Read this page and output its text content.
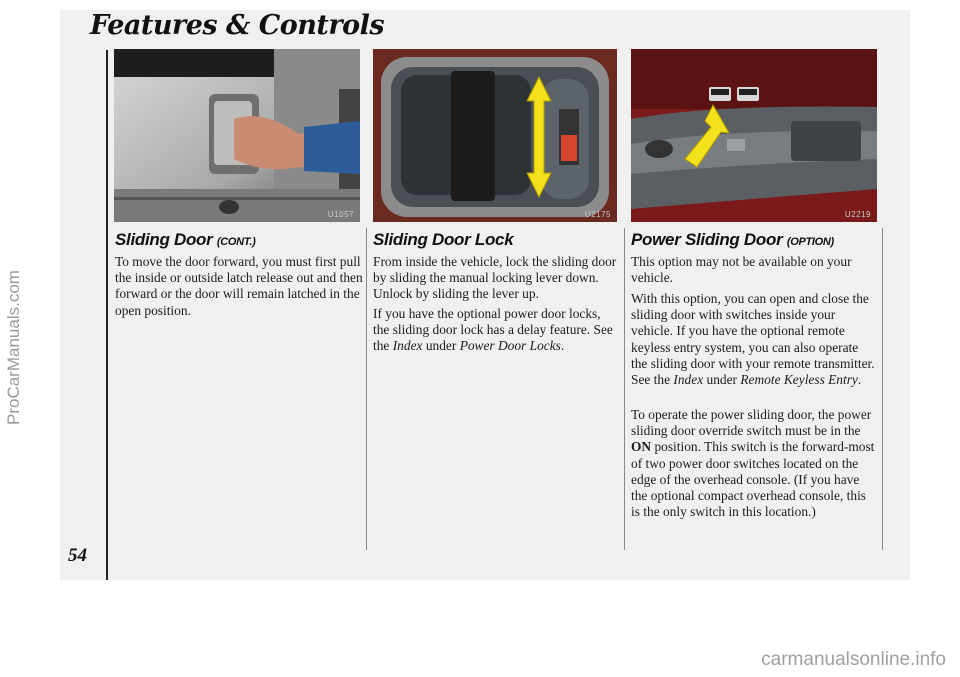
Features & Controls
54
ProCarManuals.com
carmanualsonline.info
U1057	U2175	U2219
Sliding Door (CONT.)

To move the door forward, you must first pull the inside or outside latch release out and then forward or the door will remain latched in the open position.

Sliding Door Lock

From inside the vehicle, lock the sliding door by sliding the manual locking lever down. Unlock by sliding the lever up.

If you have the optional power door locks, the sliding door lock has a delay feature. See the Index under Power Door Locks.

Power Sliding Door (OPTION)

This option may not be available on your vehicle.

With this option, you can open and close the sliding door with switches inside your vehicle. If you have the optional remote keyless entry system, you can also operate the sliding door with your remote transmitter. See the Index under Remote Keyless Entry.

To operate the power sliding door, the power sliding door override switch must be in the ON position. This switch is the forward-most of two power door switches located on the edge of the overhead console. (If you have the optional compact overhead console, this is the only switch in this location.)
